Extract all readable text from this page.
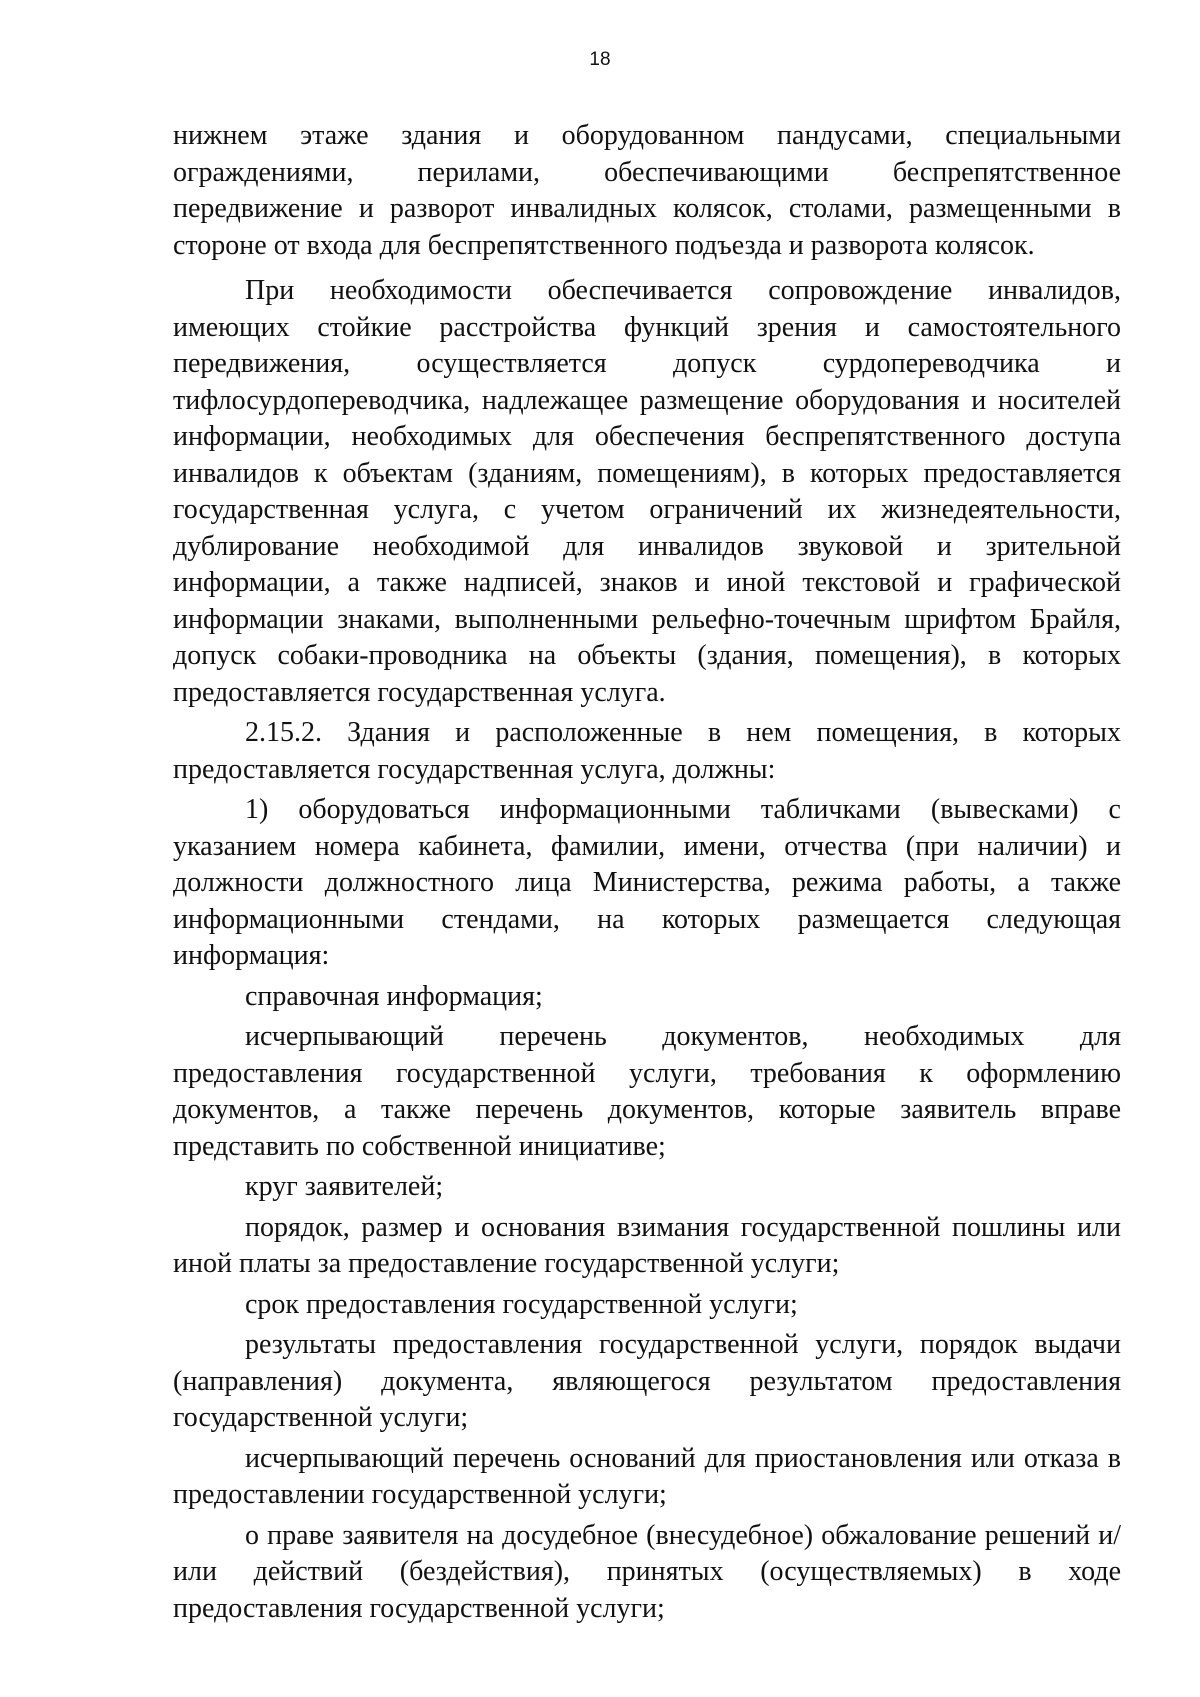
18

нижнем этаже здания и оборудованном пандусами, специальными ограждениями, перилами, обеспечивающими беспрепятственное передвижение и разворот инвалидных колясок, столами, размещенными в стороне от входа для беспрепятственного подъезда и разворота колясок.

При необходимости обеспечивается сопровождение инвалидов, имеющих стойкие расстройства функций зрения и самостоятельного передвижения, осуществляется допуск сурдопереводчика и тифлосурдопереводчика, надлежащее размещение оборудования и носителей информации, необходимых для обеспечения беспрепятственного доступа инвалидов к объектам (зданиям, помещениям), в которых предоставляется государственная услуга, с учетом ограничений их жизнедеятельности, дублирование необходимой для инвалидов звуковой и зрительной информации, а также надписей, знаков и иной текстовой и графической информации знаками, выполненными рельефно-точечным шрифтом Брайля, допуск собаки-проводника на объекты (здания, помещения), в которых предоставляется государственная услуга.

2.15.2. Здания и расположенные в нем помещения, в которых предоставляется государственная услуга, должны:

1) оборудоваться информационными табличками (вывесками) с указанием номера кабинета, фамилии, имени, отчества (при наличии) и должности должностного лица Министерства, режима работы, а также информационными стендами, на которых размещается следующая информация:

справочная информация;

исчерпывающий перечень документов, необходимых для предоставления государственной услуги, требования к оформлению документов, а также перечень документов, которые заявитель вправе представить по собственной инициативе;

круг заявителей;

порядок, размер и основания взимания государственной пошлины или иной платы за предоставление государственной услуги;

срок предоставления государственной услуги;

результаты предоставления государственной услуги, порядок выдачи (направления) документа, являющегося результатом предоставления государственной услуги;

исчерпывающий перечень оснований для приостановления или отказа в предоставлении государственной услуги;

о праве заявителя на досудебное (внесудебное) обжалование решений и/или действий (бездействия), принятых (осуществляемых) в ходе предоставления государственной услуги;
